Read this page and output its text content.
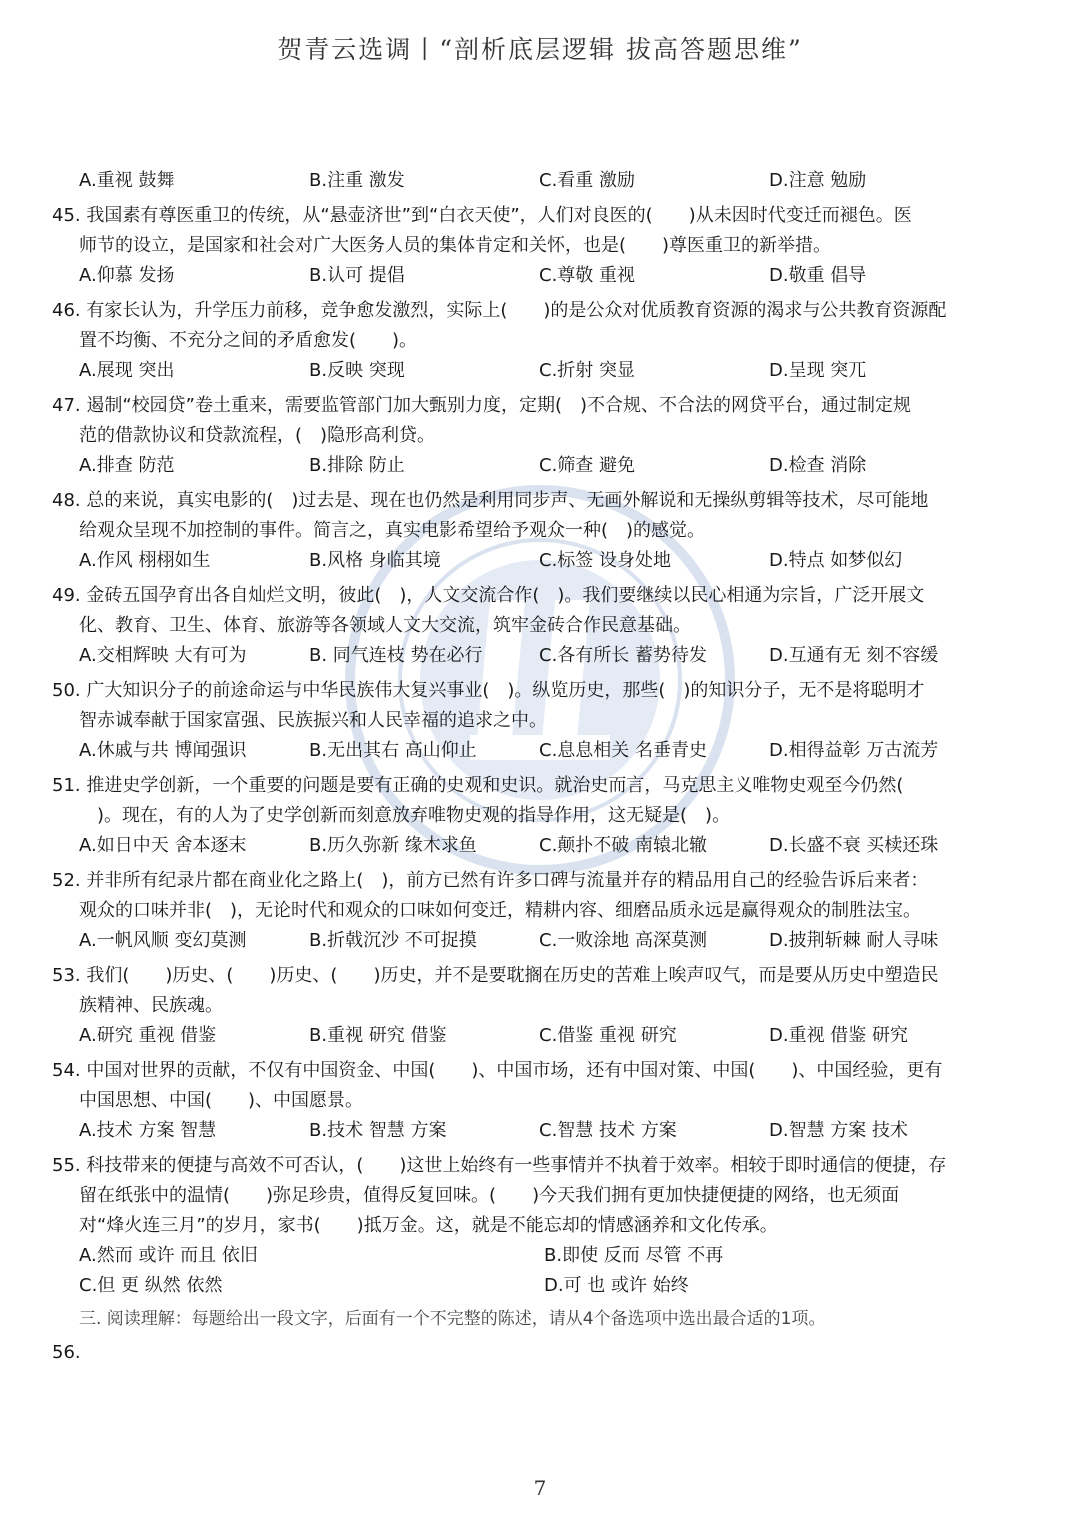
贺青云选调丨“剖析底层逻辑 拔高答题思维”
A.重视 鼓舞	B.注重 激发	C.看重 激励	D.注意 勉励
45. 我国素有尊医重卫的传统，从“悬壶济世”到“白衣天使”，人们对良医的(　　)从未因时代变迁而褪色。医
师节的设立，是国家和社会对广大医务人员的集体肯定和关怀，也是(　　)尊医重卫的新举措。
A.仰慕 发扬	B.认可 提倡	C.尊敬 重视	D.敬重 倡导
46. 有家长认为，升学压力前移，竞争愈发激烈，实际上(　　)的是公众对优质教育资源的渴求与公共教育资源配
置不均衡、不充分之间的矛盾愈发(　　)。
A.展现 突出	B.反映 突现	C.折射 突显	D.呈现 突兀
47. 遏制“校园贷”卷土重来，需要监管部门加大甄别力度，定期(　)不合规、不合法的网贷平台，通过制定规
范的借款协议和贷款流程，(　)隐形高利贷。
A.排查 防范	B.排除 防止	C.筛查 避免	D.检查 消除
48. 总的来说，真实电影的(　)过去是、现在也仍然是利用同步声、无画外解说和无操纵剪辑等技术，尽可能地
给观众呈现不加控制的事件。简言之，真实电影希望给予观众一种(　)的感觉。
A.作风 栩栩如生	B.风格 身临其境	C.标签 设身处地	D.特点 如梦似幻
49. 金砖五国孕育出各自灿烂文明，彼此(　)，人文交流合作(　)。我们要继续以民心相通为宗旨，广泛开展文
化、教育、卫生、体育、旅游等各领域人文大交流，筑牢金砖合作民意基础。
A.交相辉映 大有可为	B. 同气连枝 势在必行	C.各有所长 蓄势待发	D.互通有无 刻不容缓
50. 广大知识分子的前途命运与中华民族伟大复兴事业(　)。纵览历史，那些(　)的知识分子，无不是将聪明才
智赤诚奉献于国家富强、民族振兴和人民幸福的追求之中。
A.休戚与共 博闻强识	B.无出其右 高山仰止	C.息息相关 名垂青史	D.相得益彰 万古流芳
51. 推进史学创新，一个重要的问题是要有正确的史观和史识。就治史而言，马克思主义唯物史观至今仍然(
　)。现在，有的人为了史学创新而刻意放弃唯物史观的指导作用，这无疑是(　)。
A.如日中天 舍本逐末	B.历久弥新 缘木求鱼	C.颠扑不破 南辕北辙	D.长盛不衰 买椟还珠
52. 并非所有纪录片都在商业化之路上(　)，前方已然有许多口碑与流量并存的精品用自己的经验告诉后来者：
观众的口味并非(　)，无论时代和观众的口味如何变迁，精耕内容、细磨品质永远是赢得观众的制胜法宝。
A.一帆风顺 变幻莫测	B.折戟沉沙 不可捉摸	C.一败涂地 高深莫测	D.披荆斩棘 耐人寻味
53. 我们(　　)历史、(　　)历史、(　　)历史，并不是要耽搁在历史的苦难上唉声叹气，而是要从历史中塑造民
族精神、民族魂。
A.研究 重视 借鉴	B.重视 研究 借鉴	C.借鉴 重视 研究	D.重视 借鉴 研究
54. 中国对世界的贡献，不仅有中国资金、中国(　　)、中国市场，还有中国对策、中国(　　)、中国经验，更有
中国思想、中国(　　)、中国愿景。
A.技术 方案 智慧	B.技术 智慧 方案	C.智慧 技术 方案	D.智慧 方案 技术
55. 科技带来的便捷与高效不可否认，(　　)这世上始终有一些事情并不执着于效率。相较于即时通信的便捷，存
留在纸张中的温情(　　)弥足珍贵，值得反复回味。(　　)今天我们拥有更加快捷便捷的网络，也无须面
对“烽火连三月”的岁月，家书(　　)抵万金。这，就是不能忘却的情感涵养和文化传承。
A.然而 或许 而且 依旧	B.即使 反而 尽管 不再
C.但 更 纵然 依然	D.可 也 或许 始终
三. 阅读理解：每题给出一段文字，后面有一个不完整的陈述，请从4个备选项中选出最合适的1项。
56.
7
